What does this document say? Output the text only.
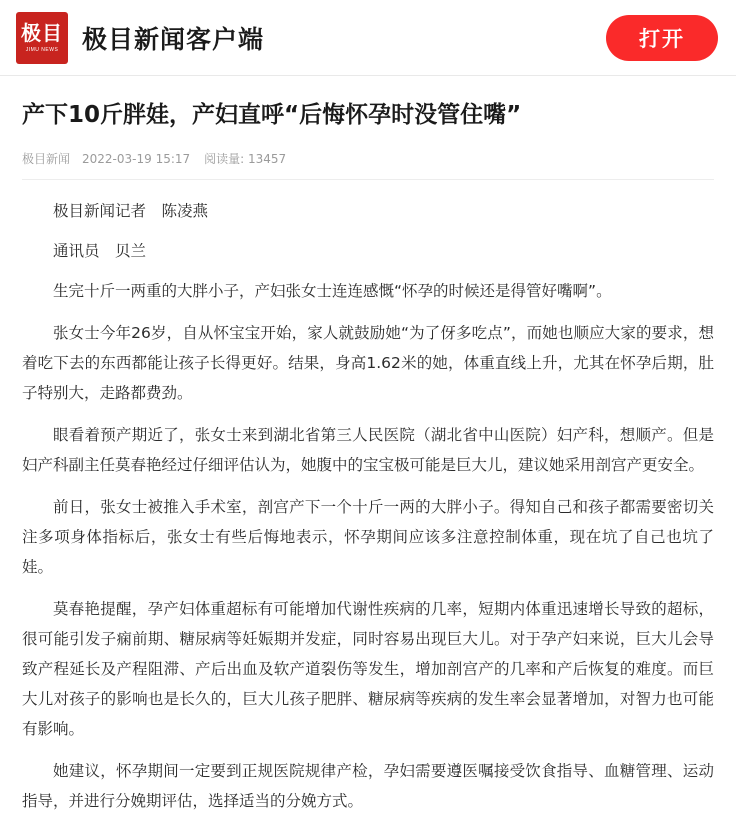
极目
JIMU NEWS 极目新闻客户端	打开
产下10斤胖娃，产妇直呼“后悔怀孕时没管住嘴”
极目新闻 2022-03-19 15:17 阅读量: 13457

极目新闻记者　陈凌燕

通讯员　贝兰

生完十斤一两重的大胖小子，产妇张女士连连感慨“怀孕的时候还是得管好嘴啊”。

张女士今年26岁，自从怀宝宝开始，家人就鼓励她“为了伢多吃点”，而她也顺应大家的要求，想着吃下去的东西都能让孩子长得更好。结果，身高1.62米的她，体重直线上升，尤其在怀孕后期，肚子特别大，走路都费劲。

眼看着预产期近了，张女士来到湖北省第三人民医院（湖北省中山医院）妇产科，想顺产。但是妇产科副主任莫春艳经过仔细评估认为，她腹中的宝宝极可能是巨大儿，建议她采用剖宫产更安全。

前日，张女士被推入手术室，剖宫产下一个十斤一两的大胖小子。得知自己和孩子都需要密切关注多项身体指标后，张女士有些后悔地表示，怀孕期间应该多注意控制体重，现在坑了自己也坑了娃。

莫春艳提醒，孕产妇体重超标有可能增加代谢性疾病的几率，短期内体重迅速增长导致的超标，很可能引发子痫前期、糖尿病等妊娠期并发症，同时容易出现巨大儿。对于孕产妇来说，巨大儿会导致产程延长及产程阻滞、产后出血及软产道裂伤等发生，增加剖宫产的几率和产后恢复的难度。而巨大儿对孩子的影响也是长久的，巨大儿孩子肥胖、糖尿病等疾病的发生率会显著增加，对智力也可能有影响。

她建议，怀孕期间一定要到正规医院规律产检，孕妇需要遵医嘱接受饮食指导、血糖管理、运动指导，并进行分娩期评估，选择适当的分娩方式。
